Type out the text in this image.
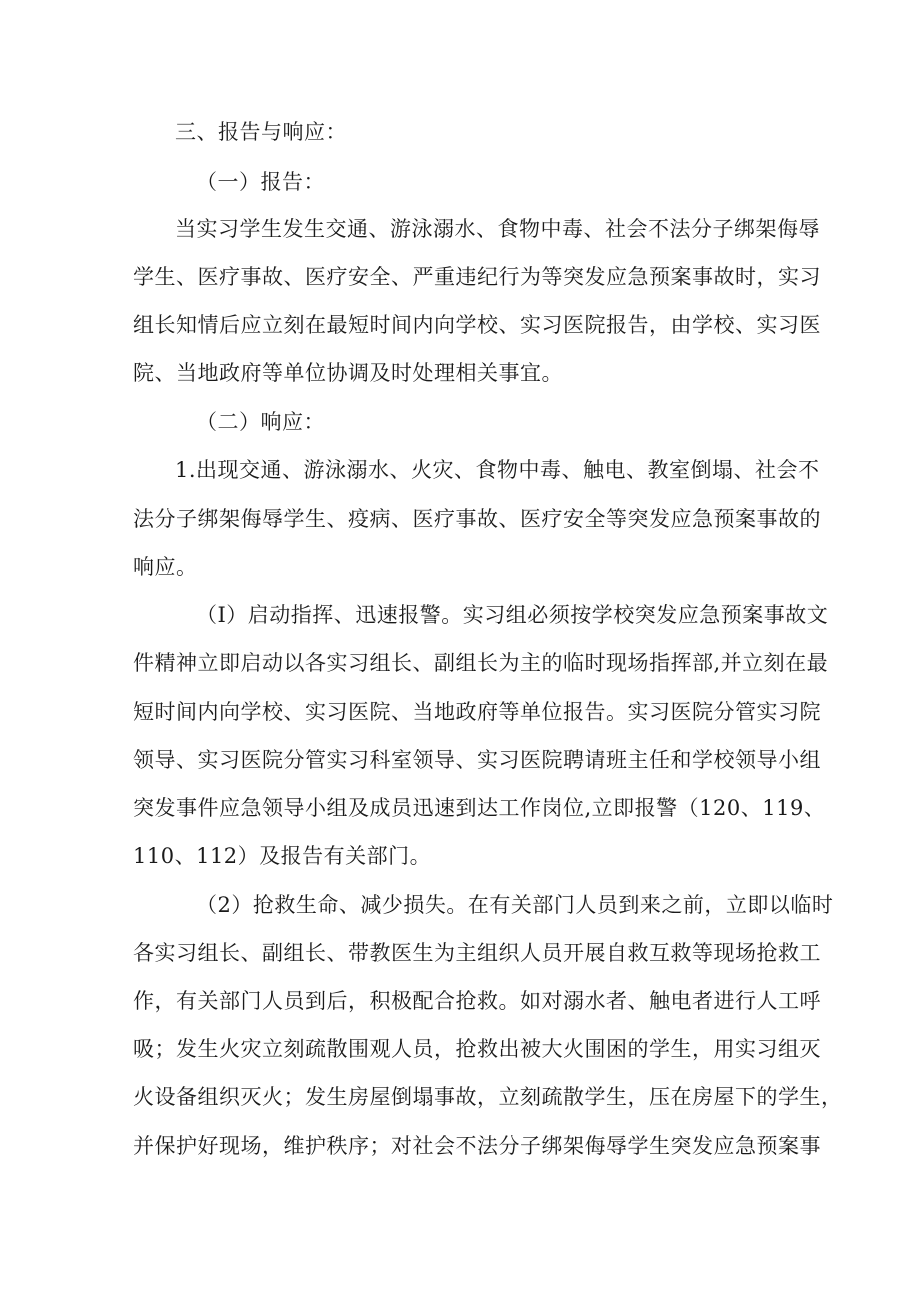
三、报告与响应：
（一）报告：
当实习学生发生交通、游泳溺水、食物中毒、社会不法分子绑架侮辱
学生、医疗事故、医疗安全、严重违纪行为等突发应急预案事故时，实习
组长知情后应立刻在最短时间内向学校、实习医院报告，由学校、实习医
院、当地政府等单位协调及时处理相关事宜。
（二）响应：
1.出现交通、游泳溺水、火灾、食物中毒、触电、教室倒塌、社会不
法分子绑架侮辱学生、疫病、医疗事故、医疗安全等突发应急预案事故的
响应。
（I）启动指挥、迅速报警。实习组必须按学校突发应急预案事故文
件精神立即启动以各实习组长、副组长为主的临时现场指挥部,并立刻在最
短时间内向学校、实习医院、当地政府等单位报告。实习医院分管实习院
领导、实习医院分管实习科室领导、实习医院聘请班主任和学校领导小组
突发事件应急领导小组及成员迅速到达工作岗位,立即报警（120、119、
110、112）及报告有关部门。
（2）抢救生命、减少损失。在有关部门人员到来之前，立即以临时
各实习组长、副组长、带教医生为主组织人员开展自救互救等现场抢救工
作，有关部门人员到后，积极配合抢救。如对溺水者、触电者进行人工呼
吸；发生火灾立刻疏散围观人员，抢救出被大火围困的学生，用实习组灭
火设备组织灭火；发生房屋倒塌事故，立刻疏散学生，压在房屋下的学生，
并保护好现场，维护秩序；对社会不法分子绑架侮辱学生突发应急预案事
